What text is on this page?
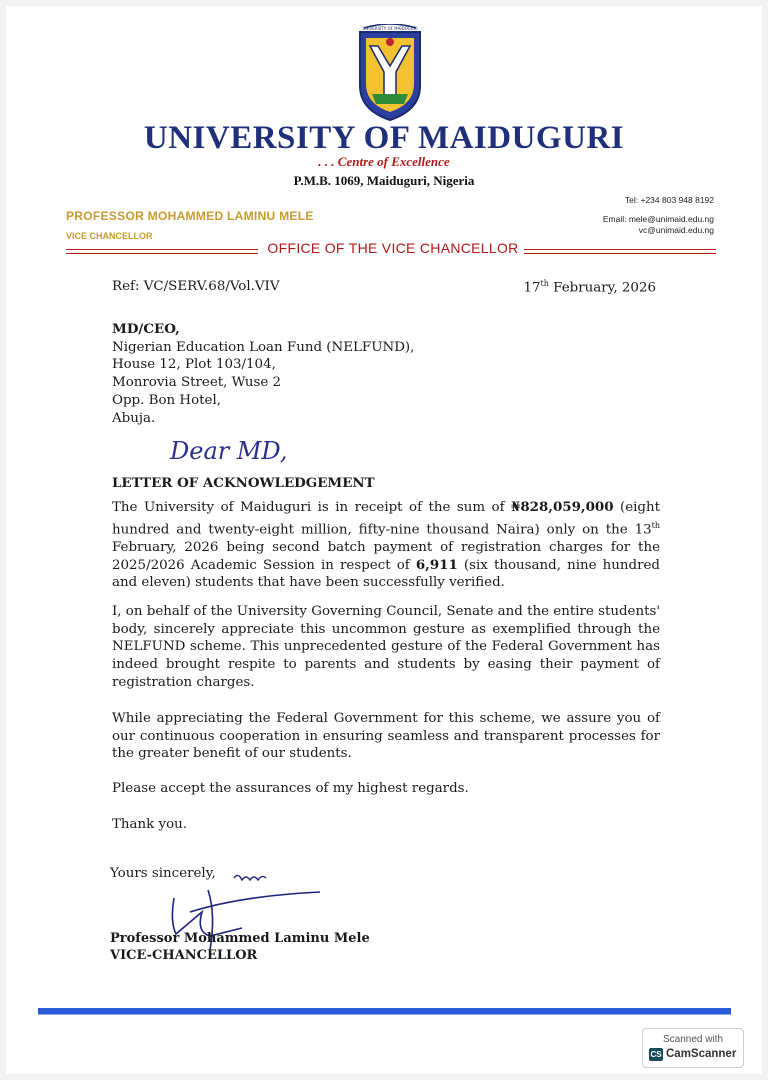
UNIVERSITY OF MAIDUGURI
UNIVERSITY OF MAIDUGURI
. . . Centre of Excellence
P.M.B. 1069, Maiduguri, Nigeria
PROFESSOR MOHAMMED LAMINU MELE
VICE CHANCELLOR
Tel: +234 803 948 8192
Email: mele@unimaid.edu.ng
vc@unimaid.edu.ng
OFFICE OF THE VICE CHANCELLOR
Ref: VC/SERV.68/Vol.VIV	17th February, 2026
MD/CEO,
Nigerian Education Loan Fund (NELFUND),
House 12, Plot 103/104,
Monrovia Street, Wuse 2
Opp. Bon Hotel,
Abuja.
Dear MD,
LETTER OF ACKNOWLEDGEMENT
The University of Maiduguri is in receipt of the sum of ₦828,059,000 (eight hundred and twenty-eight million, fifty-nine thousand Naira) only on the 13th February, 2026 being second batch payment of registration charges for the 2025/2026 Academic Session in respect of 6,911 (six thousand, nine hundred and eleven) students that have been successfully verified.
I, on behalf of the University Governing Council, Senate and the entire students' body, sincerely appreciate this uncommon gesture as exemplified through the NELFUND scheme. This unprecedented gesture of the Federal Government has indeed brought respite to parents and students by easing their payment of registration charges.
While appreciating the Federal Government for this scheme, we assure you of our continuous cooperation in ensuring seamless and transparent processes for the greater benefit of our students.
Please accept the assurances of my highest regards.
Thank you.
Yours sincerely,
Professor Mohammed Laminu Mele
VICE-CHANCELLOR
Scanned with
CS CamScanner
